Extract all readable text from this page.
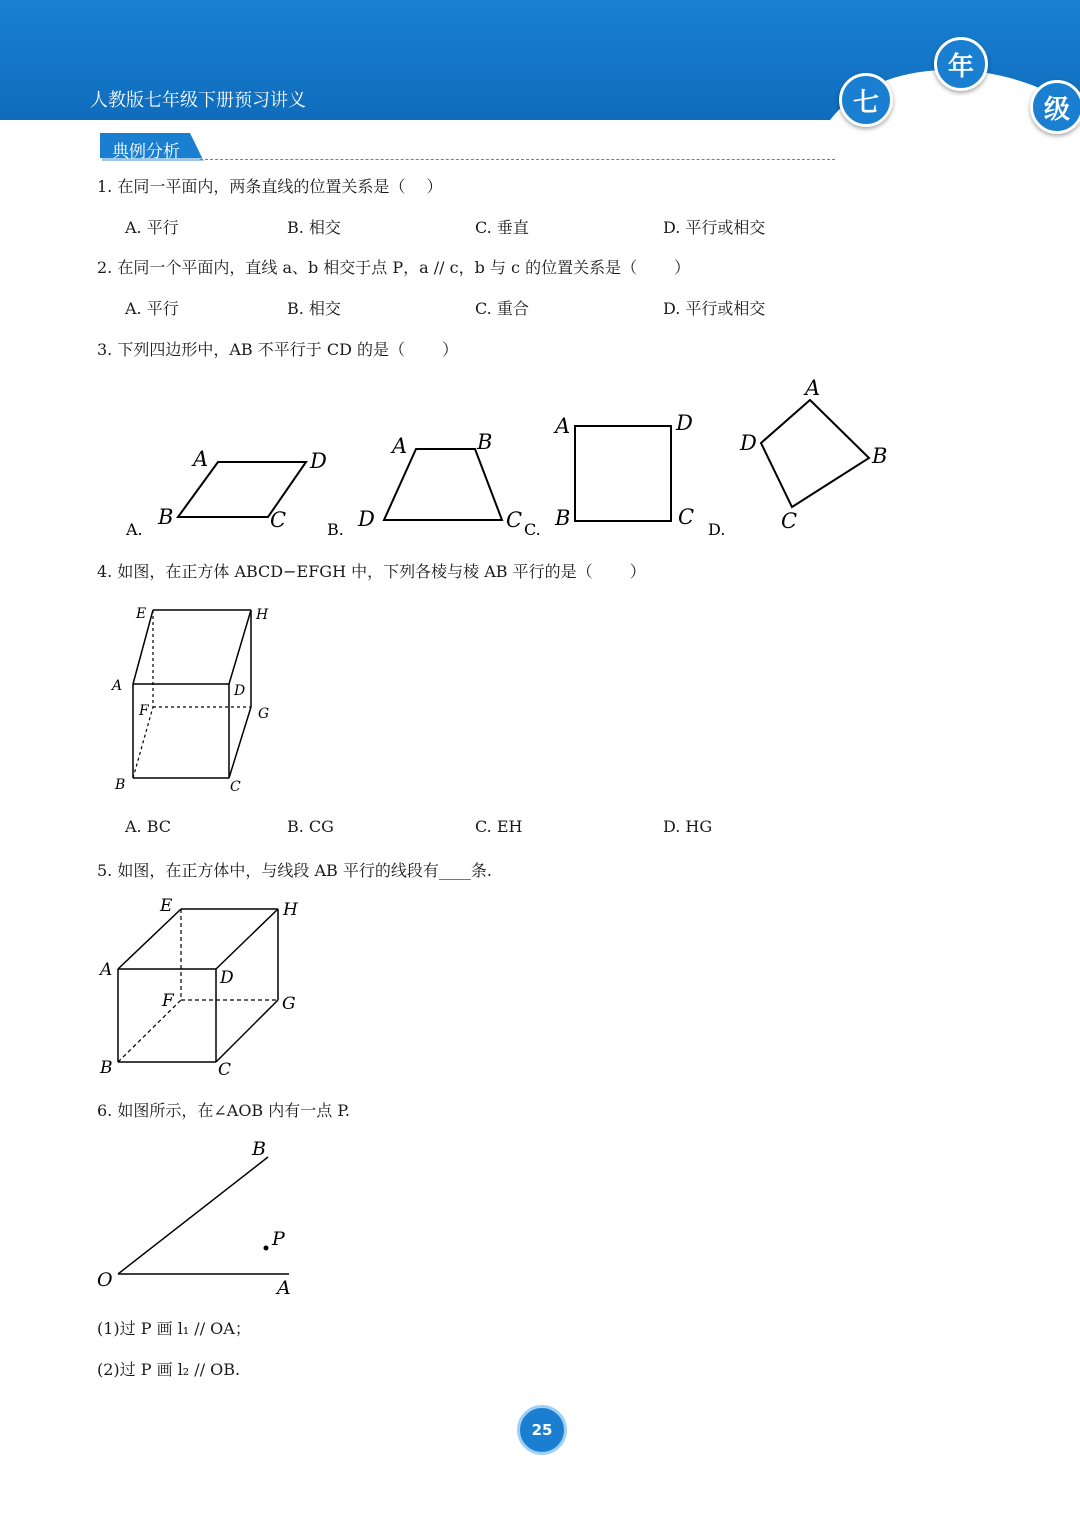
人教版七年级下册预习讲义	七
年
级
典例分析
1. 在同一平面内，两条直线的位置关系是（　 ）
A. 平行	B. 相交	C. 垂直	D. 平行或相交
2. 在同一个平面内，直线 a、b 相交于点 P，a // c，b 与 c 的位置关系是（　　 ）
A. 平行	B. 相交	C. 重合	D. 平行或相交
3. 下列四边形中，AB 不平行于 CD 的是（　　 ）
A	D
B	C
A	B
D	C
A	D
B	C
A
D
B
C
A.	B.	C.	D.
4. 如图，在正方体 ABCD−EFGH 中，下列各棱与棱 AB 平行的是（　　 ）
E	H
A	D
F	G
B	C
A. BC	B. CG	C. EH	D. HG
5. 如图，在正方体中，与线段 AB 平行的线段有____条.
E	H
A	D
F	G
B	C
6. 如图所示，在∠AOB 内有一点 P.
B
P
O	A
(1)过 P 画 l₁ // OA；
(2)过 P 画 l₂ // OB.
25
